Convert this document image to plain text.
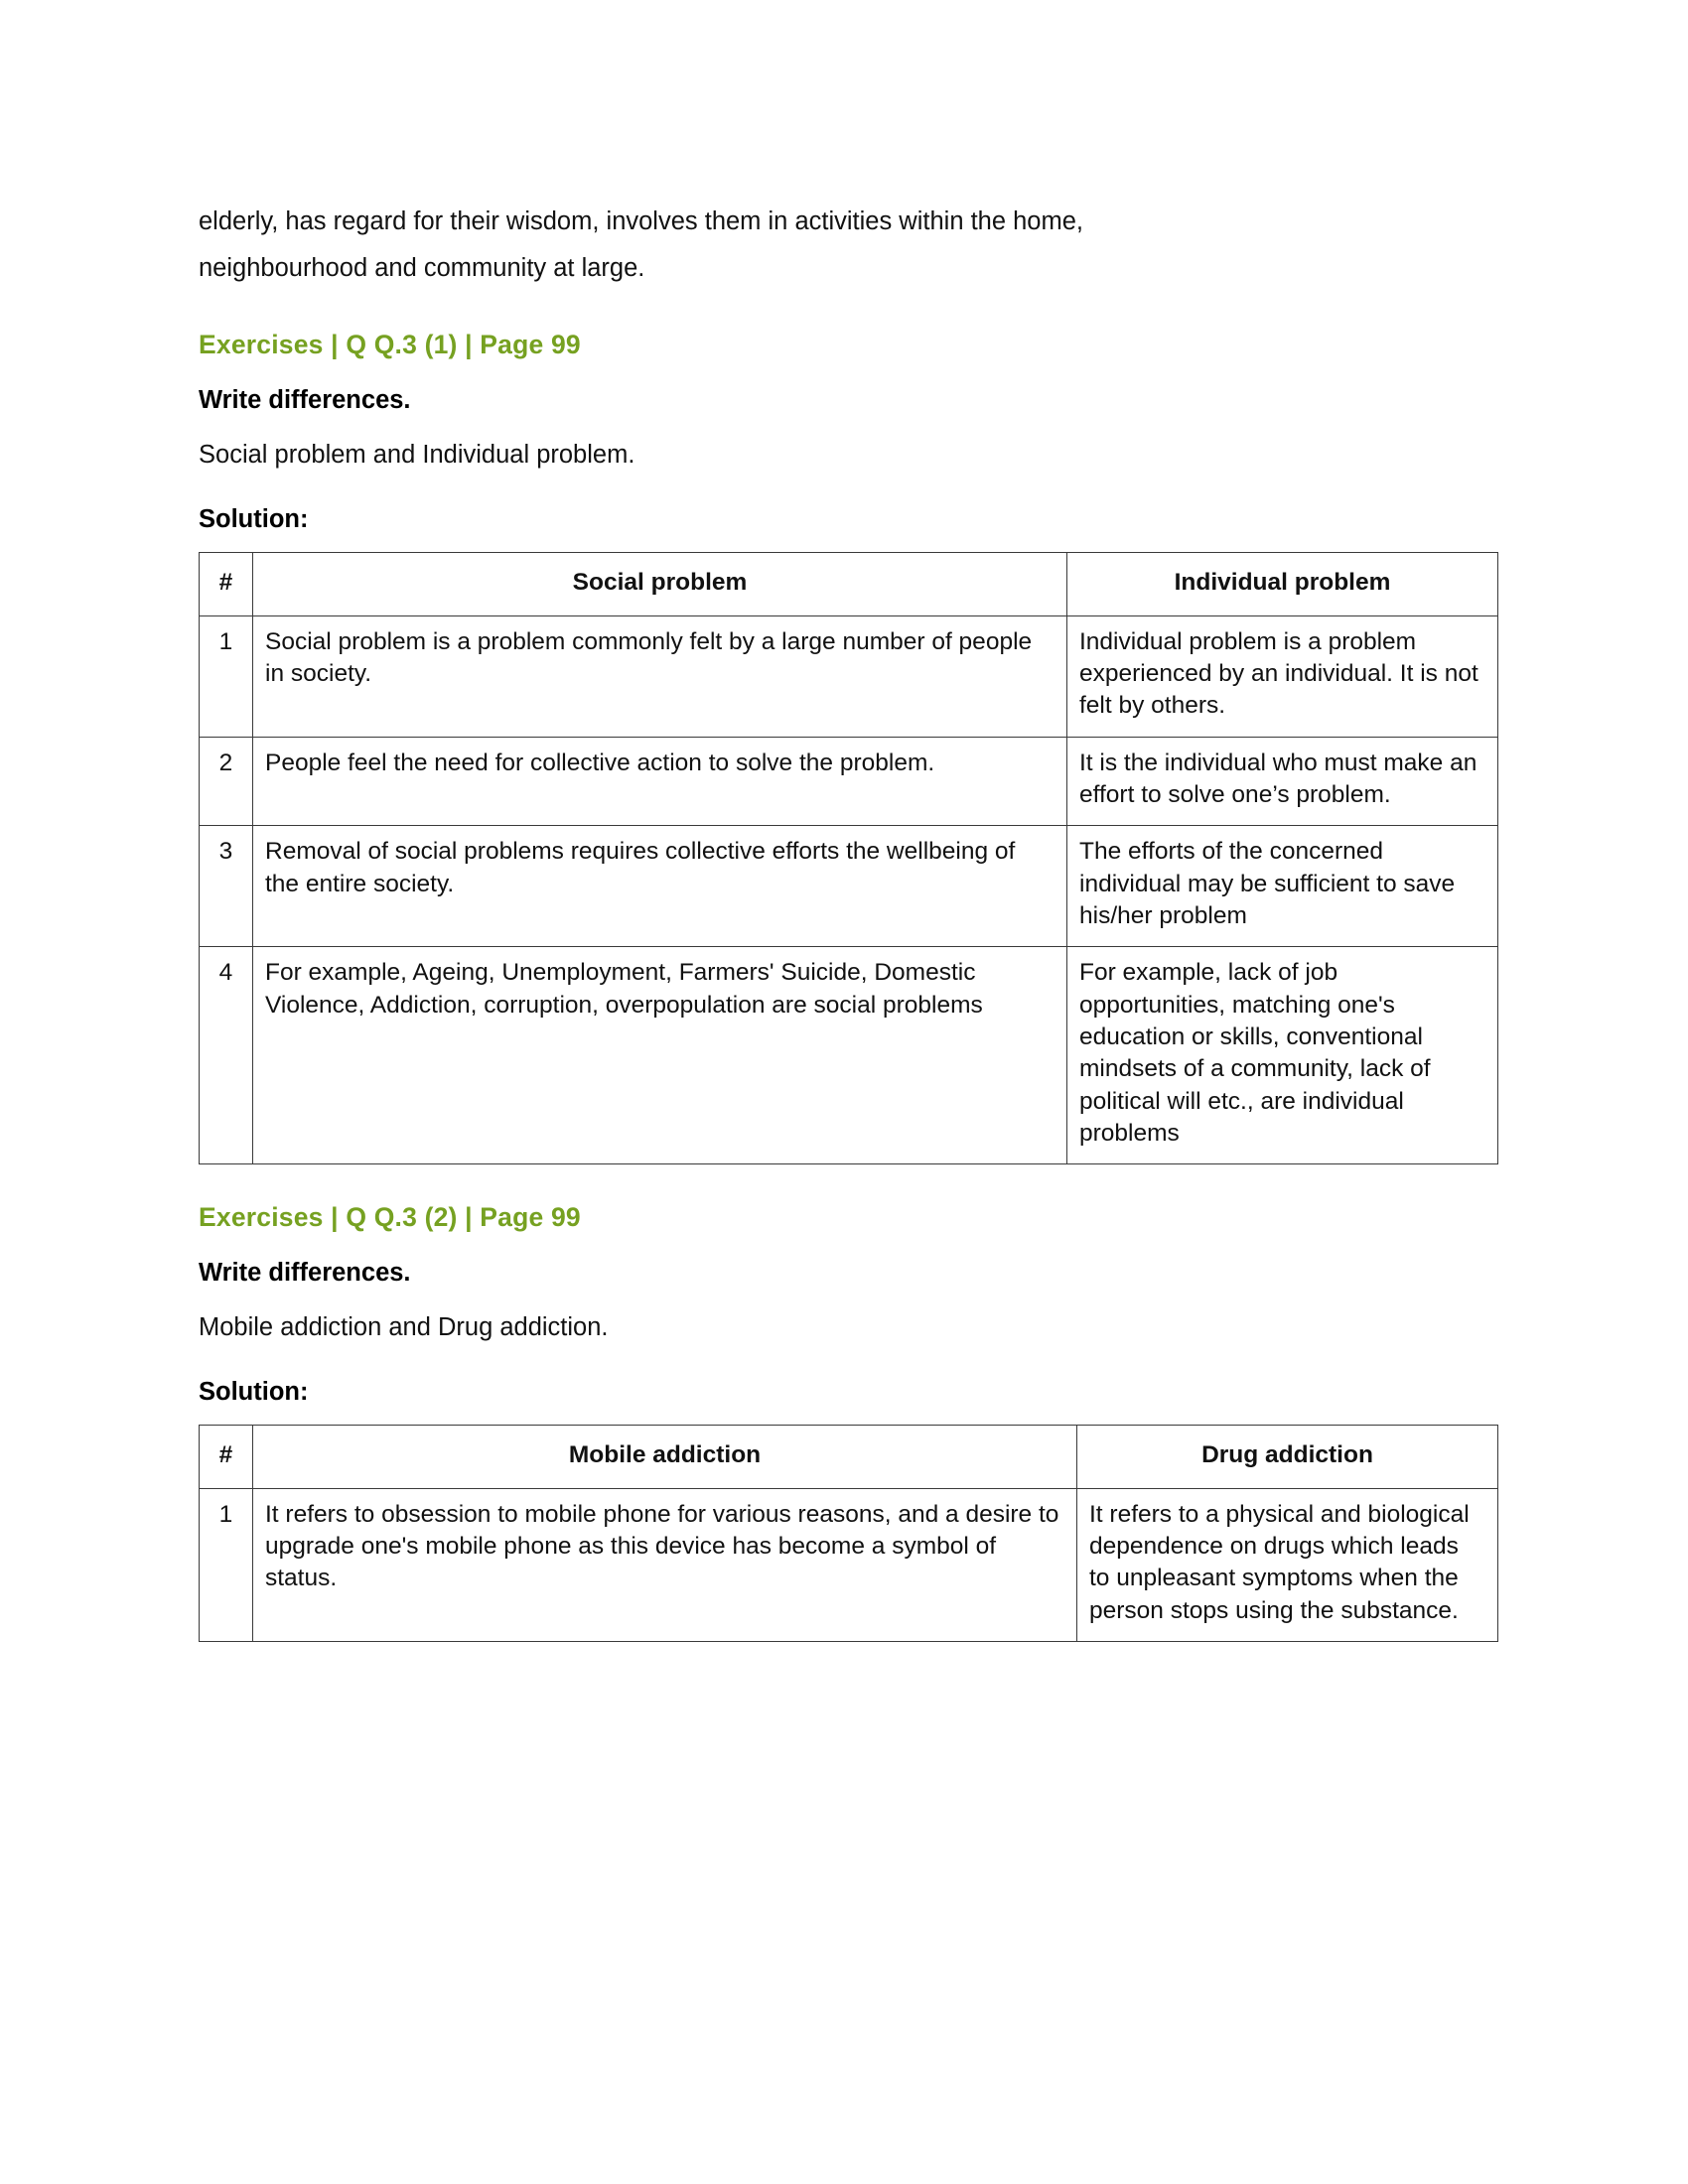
elderly, has regard for their wisdom, involves them in activities within the home,
neighbourhood and community at large.
Exercises | Q Q.3 (1) | Page 99
Write differences.
Social problem and Individual problem.
Solution:
#	Social problem	Individual problem
1	Social problem is a problem commonly felt by a large number of people in society.	Individual problem is a problem experienced by an individual. It is not felt by others.
2	People feel the need for collective action to solve the problem.	It is the individual who must make an effort to solve one’s problem.
3	Removal of social problems requires collective efforts the wellbeing of the entire society.	The efforts of the concerned individual may be sufficient to save his/her problem
4	For example, Ageing, Unemployment, Farmers' Suicide, Domestic Violence, Addiction, corruption, overpopulation are social problems	For example, lack of job opportunities, matching one's education or skills, conventional mindsets of a community, lack of political will etc., are individual problems
Exercises | Q Q.3 (2) | Page 99
Write differences.
Mobile addiction and Drug addiction.
Solution:
#	Mobile addiction	Drug addiction
1	It refers to obsession to mobile phone for various reasons, and a desire to upgrade one's mobile phone as this device has become a symbol of status.	It refers to a physical and biological dependence on drugs which leads to unpleasant symptoms when the person stops using the substance.
